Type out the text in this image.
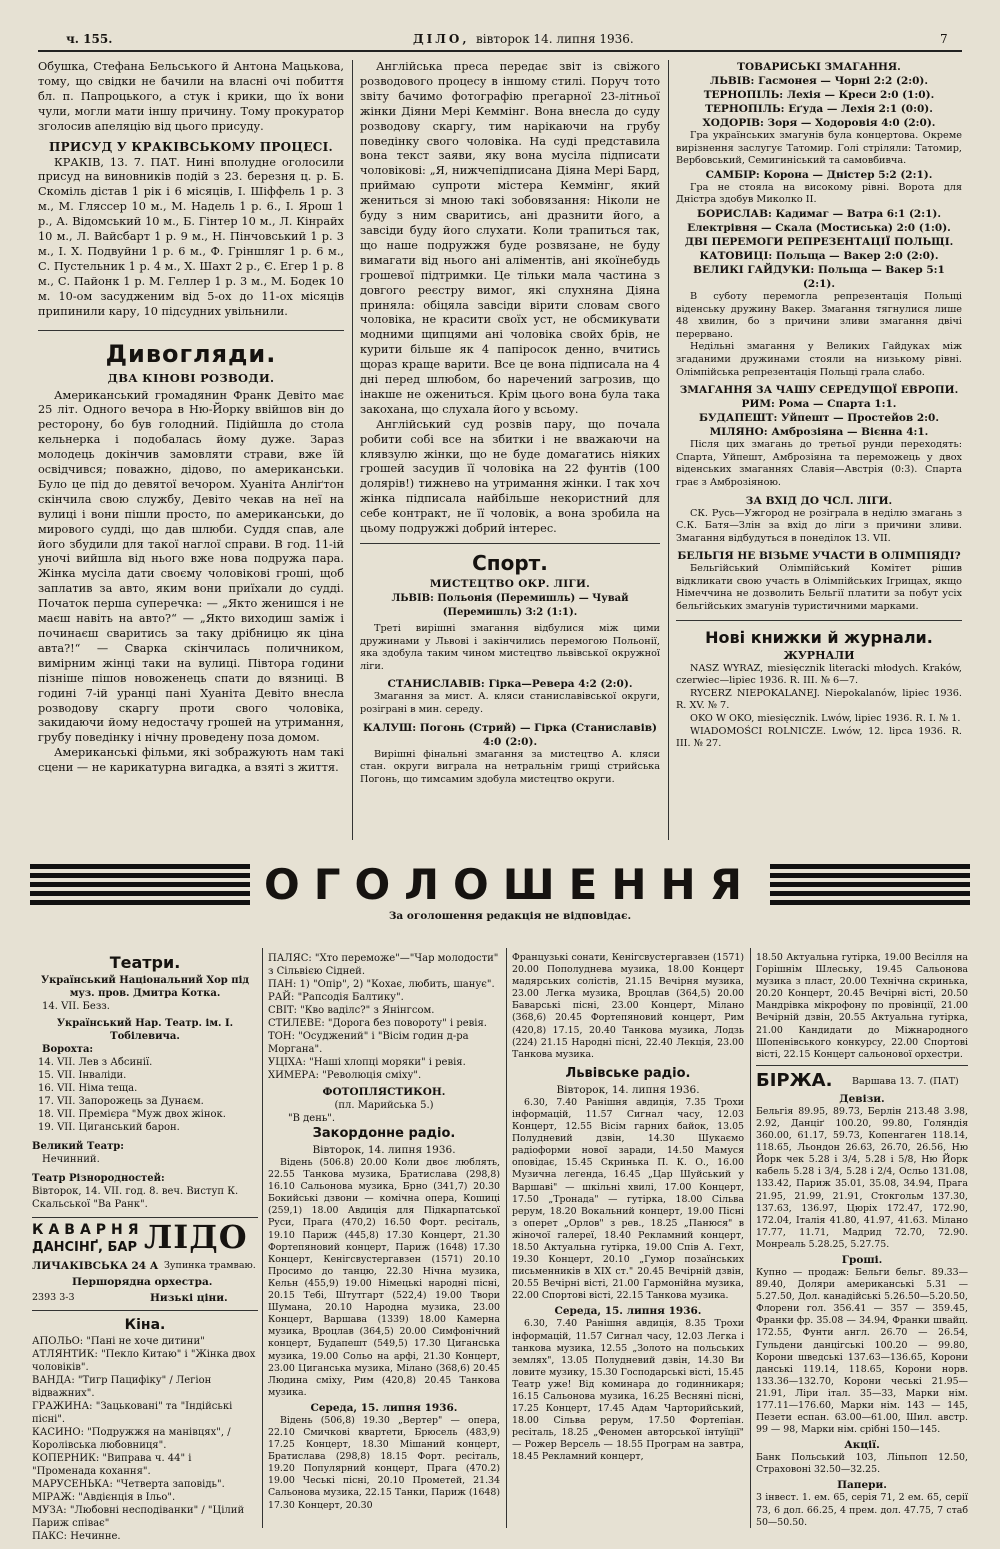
ч. 155.	ДІЛО, вівторок 14. липня 1936.	7

Обушка, Стефана Бельського й Антона Мацькова, тому, що свідки не бачили на власні очі побиття бл. п. Папроцького, а стук і крики, що їх вони чули, могли мати іншу причину. Тому прокуратор зголосив апеляцію від цього присуду.

ПРИСУД У КРАКІВСЬКОМУ ПРОЦЕСІ.

КРАКІВ, 13. 7. ПАТ. Нині вполудне оголосили присуд на виновників подій з 23. березня ц. р. Б. Скоміль дістав 1 рік і 6 місяців, І. Шіффель 1 р. 3 м., М. Гляссер 10 м., М. Надель 1 р. 6., І. Ярош 1 р., А. Відомський 10 м., Б. Гінтер 10 м., Л. Кінрайх 10 м., Л. Вайсбарт 1 р. 9 м., Н. Пінчовський 1 р. 3 м., І. Х. Подвуйни 1 р. 6 м., Ф. Гріншляг 1 р. 6 м., С. Пустельник 1 р. 4 м., Х. Шахт 2 р., Є. Егер 1 р. 8 м., С. Пайонк 1 р. М. Геллер 1 р. 3 м., М. Бодек 10 м. 10-ом засудженим від 5-ох до 11-ох місяців припинили кару, 10 підсудних увільнили.

Дивогляди.

ДВА КІНОВІ РОЗВОДИ.

Американський громадянин Франк Девіто має 25 літ. Одного вечора в Ню-Йорку ввійшов він до ресторону, бо був голодний. Підійшла до стола кельнерка і подобалась йому дуже. Зараз молодець докінчив замовляти страви, вже їй освідчився; поважно, дідово, по американськи. Було це під до девятої вечором. Хуаніта Анліґтон скінчила свою службу, Девіто чекав на неї на вулиці і вони пішли просто, по американськи, до мирового судді, що дав шлюби. Суддя спав, але його збудили для такої наглої справи. В год. 11-ій уночі вийшла від нього вже нова подружа пара. Жінка мусіла дати своєму чоловікові гроші, щоб заплатив за авто, яким вони приїхали до судді. Початок перша суперечка: — „Якто женишся і не маєш навіть на авто?“ — „Якто виходиш заміж і починаєш сваритись за таку дрібницю як ціна авта?!“ — Сварка скінчилась поличником, вимірним жінці таки на вулиці. Півтора години пізніше пішов новоженець спати до вязниці. В годині 7-ій уранці пані Хуаніта Девіто внесла розводову скаргу проти свого чоловіка, закидаючи йому недостачу грошей на утримання, грубу поведінку і нічну проведену поза домом.

Американські фільми, які зображують нам такі сцени — не карикатурна вигадка, а взяті з життя.

Англійська преса передає звіт із свіжого розводового процесу в іншому стилі. Поруч тото звіту бачимо фотографію прегарної 23-літньої жінки Діяни Мері Кеммінг. Вона внесла до суду розводову скаргу, тим нарікаючи на грубу поведінку свого чоловіка. На суді представила вона текст заяви, яку вона мусіла підписати чоловікові: „Я, нижчепідписана Діяна Мері Бард, приймаю супроти містера Кеммінг, який жениться зі мною такі зобовязання: Ніколи не буду з ним сваритись, ані дразнити його, а завсіди буду його слухати. Коли трапиться так, що наше подружжя буде розвязане, не буду вимагати від нього ані аліментів, ані якоїнебудь грошевої підтримки. Це тільки мала частина з довгого реєстру вимог, які слухняна Діяна приняла: обіцяла завсіди вірити словам свого чоловіка, не красити своїх уст, не обсмикувати модними щипцями ані чоловіка свойх брів, не курити більше як 4 папіросок денно, вчитись щораз краще варити. Все це вона підписала на 4 дні перед шлюбом, бо наречений загрозив, що інакше не ожениться. Крім цього вона була така закохана, що слухала його у всьому.

Англійський суд розвів пару, що почала робити собі все на збитки і не вважаючи на клявзулю жінки, що не буде домагатись ніяких грошей засудив її чоловіка на 22 фунтів (100 долярів!) тижнево на утримання жінки. І так хоч жінка підписала найбільше некористний для себе контракт, не її чоловік, а вона зробила на цьому подружжі добрий інтерес.

Спорт.

МИСТЕЦТВО ОКР. ЛІГИ.

ЛЬВІВ: Польонія (Перемишль) — Чувай (Перемишль) 3:2 (1:1).

Треті вирішні змагання відбулися між цими дружинами у Львові і закінчились перемогою Польонії, яка здобула таким чином мистецтво львівської окружної ліги.

СТАНИСЛАВІВ: Гірка—Ревера 4:2 (2:0).

Змагання за мист. А. кляси станиславівської округи, розіграні в мин. середу.

КАЛУШ: Погонь (Стрий) — Гірка (Станиславів) 4:0 (2:0).

Вирішні фінальні змагання за мистецтво А. кляси стан. округи виграла на нетральнім грищі стрийська Погонь, що тимсамим здобула мистецтво округи.

ТОВАРИСЬКІ ЗМАГАННЯ.

ЛЬВІВ: Гасмонея — Чорні 2:2 (2:0).

ТЕРНОПІЛЬ: Лехія — Креси 2:0 (1:0).

ТЕРНОПІЛЬ: Еґуда — Лехія 2:1 (0:0).

ХОДОРІВ: Зоря — Ходоровія 4:0 (2:0).

Гра українських змагунів була концертова. Окреме вирізнення заслугує Татомир. Голі стріляли: Татомир, Вербовський, Семигиніський та самовбивча.

САМБІР: Корона — Дністер 5:2 (2:1).

Гра не стояла на високому рівні. Ворота для Дністра здобув Миколко ІІ.

БОРИСЛАВ: Кадимаг — Ватра 6:1 (2:1).

Електрівня — Скала (Мостиська) 2:0 (1:0).

ДВІ ПЕРЕМОГИ РЕПРЕЗЕНТАЦІЇ ПОЛЬЩІ.

КАТОВИЦІ: Польща — Вакер 2:0 (2:0).

ВЕЛИКІ ГАЙДУКИ: Польща — Вакер 5:1 (2:1).

В суботу перемогла репрезентація Польщі віденську дружину Вакер. Змагання тягнулися лише 48 хвилин, бо з причини зливи змагання двічі перервано.

Недільні змагання у Великих Гайдуках між згаданими дружинами стояли на низькому рівні. Олімпійська репрезентація Польщі грала слабо.

ЗМАГАННЯ ЗА ЧАШУ СЕРЕДУЩОЇ ЕВРОПИ.

РИМ: Рома — Спарта 1:1.

БУДАПЕШТ: Уйпешт — Простейов 2:0.

МІЛЯНО: Амброзіяна — Вієнна 4:1.

Після цих змагань до третьої рунди переходять: Спарта, Уйпешт, Амброзіяна та переможець у двох віденських змаганнях Славія—Австрія (0:3). Спарта грає з Амброзіяною.

ЗА ВХІД ДО ЧСЛ. ЛІГИ.

СК. Русь—Ужгород не розіграла в неділю змагань з С.К. Батя—Злін за вхід до ліги з причини зливи. Змагання відбудуться в понеділок 13. VII.

БЕЛЬГІЯ НЕ ВІЗЬМЕ УЧАСТИ В ОЛІМПІЯДІ?

Бельгійський Олімпійський Комітет рішив відкликати свою участь в Олімпійських Ігрищах, якщо Німеччина не дозволить Бельгії платити за побут усіх бельгійських змагунів туристичними марками.

Нові книжки й журнали.

ЖУРНАЛИ

NASZ WYRAZ, miesięcznik literacki młodych. Kraków, czerwiec—lipiec 1936. R. III. № 6—7.

RYCERZ NIEPOKALANEJ. Niepokalanów, lipiec 1936. R. XV. № 7.

OKO W OKO, miesięcznik. Lwów, lipiec 1936. R. I. № 1.

WIADOMOŚCI ROLNICZE. Lwów, 12. lipca 1936. R. III. № 27.

ОГОЛОШЕННЯ
За оголошення редакція не відповідає.

Театри.

Український Національний Хор під муз. пров. Дмитра Котка.

14. VII. Безз.

Український Нар. Театр. ім. І. Тобілевича.

Ворохта:

14. VII. Лев з Абсинії.

15. VII. Інваліди.

16. VII. Німа теща.

17. VII. Запорожець за Дунаєм.

18. VII. Премієра "Муж двох жінок.

19. VII. Циганський барон.

Великий Театр:

Нечинний.

Театр Різнородностей:

Вівторок, 14. VII. год. 8. веч. Виступ К. Скальської "Ва Ранк".

КАВАРНЯ
ДАНСІНҐ, БАР ЛІДО
ЛИЧАКІВСЬКА 24 А Зупинка трамваю.
Першорядна орхестра.
2393 3-3	Низькі ціни.

Кіна.

АПОЛЬО: "Пані не хоче дитини"

АТЛЯНТИК: "Пекло Китаю" і "Жінка двох чоловіків".

ВАНДА: "Тигр Пацифіку" / Легіон відважних".

ГРАЖИНА: "Зацьковані" та "Індійські пісні".

КАСИНО: "Подружжя на манівцях", / Королівська любовниця".

КОПЕРНИК: "Виправа ч. 44" і "Променада кохання".

МАРУСЕНЬКА: "Четверта заповідь".

МІРАЖ: "Авдієнція в Ільо".

МУЗА: "Любовні несподіванки" / "Цілий Париж співає"

ПАКС: Нечинне.

ПАЛЯС: "Хто переможе"—"Чар молодости" з Сільвією Сідней.

ПАН: 1) "Опір", 2) "Кохає, любить, шанує".

РАЙ: "Рапсодія Балтику".

СВІТ: "Кво ваділс?" з Янінгсом.

СТИЛЕВЕ: "Дорога без повороту" і ревія.

ТОН: "Осуджений" і "Вісім годин д-ра Моргана".

УЦІХА: "Наші хлопці моряки" і ревія.

ХИМЕРА: "Революція сміху".

ФОТОПЛЯСТИКОН.

(пл. Марийська 5.)

"В день".

Закордонне радіо.

Вівторок, 14. липня 1936.

Відень (506.8) 20.00 Коли двоє люблять, 22.55 Танкова музика, Братислава (298,8) 16.10 Сальонова музика, Брно (341,7) 20.30 Бокийські дзвони — комічна опера, Кошиці (259,1) 18.00 Авдиція для Підкарпатської Руси, Прага (470,2) 16.50 Форт. ресіталь, 19.10 Париж (445,8) 17.30 Концерт, 21.30 Фортепяновий концерт, Париж (1648) 17.30 Концерт, Кенігсвустергавзен (1571) 20.10 Просимо до танцю, 22.30 Нічна музика, Кельн (455,9) 19.00 Німецькі народні пісні, 20.15 Тебі, Штутгарт (522,4) 19.00 Твори Шумана, 20.10 Народна музика, 23.00 Концерт, Варшава (1339) 18.00 Камерна музика, Вроцлав (364,5) 20.00 Симфонічний концерт, Будапешт (549,5) 17.30 Циганська музика, 19.00 Сольо на арфі, 21.30 Концерт, 23.00 Циганська музика, Мілано (368,6) 20.45 Людина сміху, Рим (420,8) 20.45 Танкова музика.

Середа, 15. липня 1936.

Відень (506,8) 19.30 „Вертер" — опера, 22.10 Смичкові квартети, Брюсель (483,9) 17.25 Концерт, 18.30 Мішаний концерт, Братислава (298,8) 18.15 Форт. ресіталь, 19.20 Популярний концерт, Прага (470.2) 19.00 Чеські пісні, 20.10 Прометей, 21.34 Сальонова музика, 22.15 Танки, Париж (1648) 17.30 Концерт, 20.30

Французькі сонати, Кенігсвустергавзен (1571) 20.00 Пополуднева музика, 18.00 Концерт мадярських солістів, 21.15 Вечірня музика, 23.00 Легка музика, Вроцлав (364,5) 20.00 Баварські пісні, 23.00 Концерт, Мілано (368,6) 20.45 Фортепяновий концерт, Рим (420,8) 17.15, 20.40 Танкова музика, Лодзь (224) 21.15 Народні пісні, 22.40 Лекція, 23.00 Танкова музика.

Львівське радіо.

Вівторок, 14. липня 1936.

6.30, 7.40 Ранішня авдиція, 7.35 Трохи інформацій, 11.57 Сигнал часу, 12.03 Концерт, 12.55 Вісім гарних байок, 13.05 Полудневий дзвін, 14.30 Шукаємо радіоформи нової заради, 14.50 Мамуся оповідає, 15.45 Скринька П. К. О., 16.00 Музична легенда, 16.45 „Цар Шуйський у Варшаві" — шкільні хвилі, 17.00 Концерт, 17.50 „Тронада" — гутірка, 18.00 Сільва рерум, 18.20 Вокальний концерт, 19.00 Пісні з оперет „Орлов" з рев., 18.25 „Панюся" в жіночої галереї, 18.40 Рекламний концерт, 18.50 Актуальна гутірка, 19.00 Спів А. Гехт, 19.30 Концерт, 20.10 „Гумор позаїнських письменників в XIX ст." 20.45 Вечірній дзвін, 20.55 Вечірні вісті, 21.00 Гармонійна музика, 22.00 Спортові вісті, 22.15 Танкова музика.

Середа, 15. липня 1936.

6.30, 7.40 Ранішня авдиція, 8.35 Трохи інформацій, 11.57 Сигнал часу, 12.03 Легка і танкова музика, 12.55 „Золото на польських землях", 13.05 Полудневий дзвін, 14.30 Ви ловите музику, 15.30 Господарські вісті, 15.45 Театр уже! Від коминара до годинникаря; 16.15 Сальонова музика, 16.25 Весняні пісні, 17.25 Концерт, 17.45 Адам Чарторийський, 18.00 Сільва рерум, 17.50 Фортепіан. ресіталь, 18.25 „Феномен авторської інтуїції" — Рожер Версель — 18.55 Програм на завтра, 18.45 Рекламний концерт,

18.50 Актуальна гутірка, 19.00 Весілля на Горішнім Шлеську, 19.45 Сальонова музика з пласт, 20.00 Технічна скринька, 20.20 Концерт, 20.45 Вечірні вісті, 20.50 Мандрівка мікрофону по провінції, 21.00 Вечірній дзвін, 20.55 Актуальна гутірка, 21.00 Кандидати до Міжнародного Шопенівського конкурсу, 22.00 Спортові вісті, 22.15 Концерт сальонової орхестри.

БІРЖА. Варшава 13. 7. (ПАТ)

Девізи.

Бельгія 89.95, 89.73, Берлін 213.48 3.98, 2.92, Данціґ 100.20, 99.80, Голяндія 360.00, 61.17, 59.73, Копенгаген 118.14, 118.65, Льондон 26.63, 26.70, 26.56, Ню Йорк чек 5.28 і 3/4, 5.28 і 5/8, Ню Йорк кабель 5.28 і 3/4, 5.28 і 2/4, Осльо 131.08, 133.42, Париж 35.01, 35.08, 34.94, Прага 21.95, 21.99, 21.91, Стокгольм 137.30, 137.63, 136.97, Цюріх 172.47, 172.90, 172.04, Італія 41.80, 41.97, 41.63. Мілано 17.77, 11.71, Мадрид 72.70, 72.90. Монреаль 5.28.25, 5.27.75.

Гроші.

Купно — продаж: Бельги бельг. 89.33—89.40, Доляри американські 5.31 — 5.27.50, Дол. канадійські 5.26.50—5.20.50, Флорени гол. 356.41 — 357 — 359.45, Франки фр. 35.08 — 34.94, Франки швайц. 172.55, Фунти англ. 26.70 — 26.54, Гульдени данцігські 100.20 — 99.80, Корони шведські 137.63—136.65, Корони данські 119.14, 118.65, Корони норв. 133.36—132.70, Корони чеські 21.95—21.91, Ліри італ. 35—33, Марки нім. 177.11—176.60, Марки нім. 143 — 145, Пезети еспан. 63.00—61.00, Шил. австр. 99 — 98, Марки нім. срібні 150—145.

Акції.

Банк Польський 103, Ліпьпоп 12.50, Страховоні 32.50—32.25.

Папери.

3 інвест. 1. ем. 65, серія 71, 2 ем. 65, серії 73, 6 дол. 66.25, 4 прем. дол. 47.75, 7 стаб 50—50.50.
